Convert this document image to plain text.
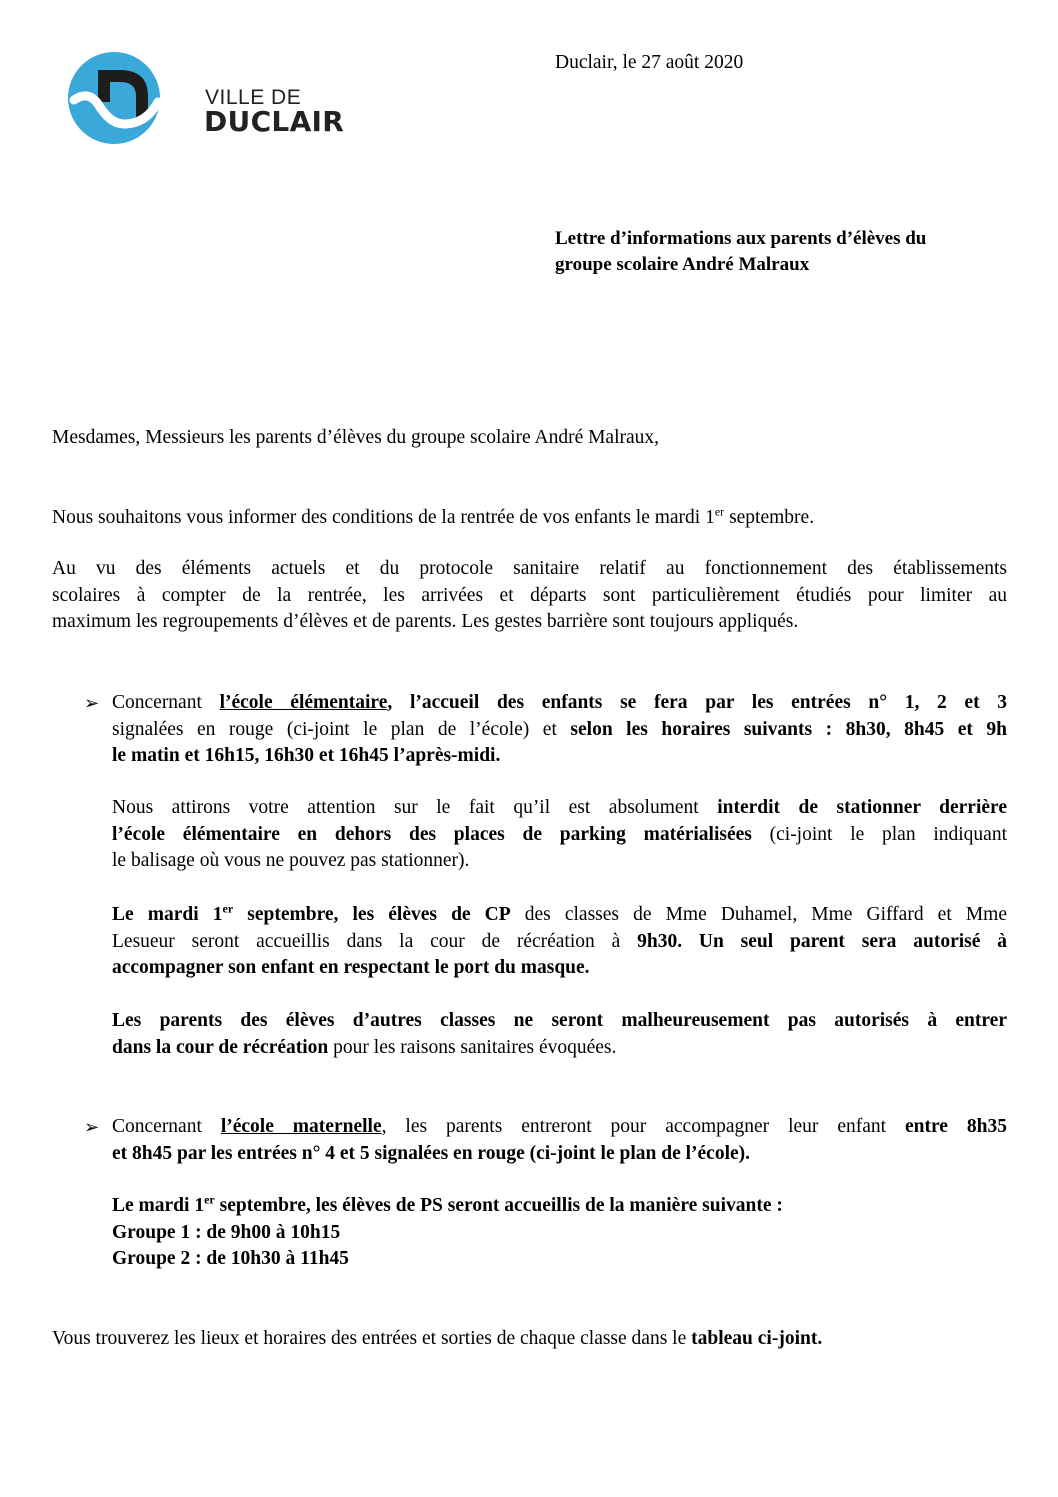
VILLE DE
DUCLAIR
Duclair, le 27 août 2020
Lettre d’informations aux parents d’élèves du
groupe scolaire André Malraux
Mesdames, Messieurs les parents d’élèves du groupe scolaire André Malraux,
Nous souhaitons vous informer des conditions de la rentrée de vos enfants le mardi 1er septembre.
Au vu des éléments actuels et du protocole sanitaire relatif au fonctionnement des établissements
scolaires à compter de la rentrée, les arrivées et départs sont particulièrement étudiés pour limiter au
maximum les regroupements d’élèves et de parents. Les gestes barrière sont toujours appliqués.
➢ Concernant l’école élémentaire, l’accueil des enfants se fera par les entrées n° 1, 2 et 3
signalées en rouge (ci-joint le plan de l’école) et selon les horaires suivants : 8h30, 8h45 et 9h
le matin et 16h15, 16h30 et 16h45 l’après-midi.
Nous attirons votre attention sur le fait qu’il est absolument interdit de stationner derrière
l’école élémentaire en dehors des places de parking matérialisées (ci-joint le plan indiquant
le balisage où vous ne pouvez pas stationner).
Le mardi 1er septembre, les élèves de CP des classes de Mme Duhamel, Mme Giffard et Mme
Lesueur seront accueillis dans la cour de récréation à 9h30. Un seul parent sera autorisé à
accompagner son enfant en respectant le port du masque.
Les parents des élèves d’autres classes ne seront malheureusement pas autorisés à entrer
dans la cour de récréation pour les raisons sanitaires évoquées.
➢ Concernant l’école maternelle, les parents entreront pour accompagner leur enfant entre 8h35
et 8h45 par les entrées n° 4 et 5 signalées en rouge (ci-joint le plan de l’école).
Le mardi 1er septembre, les élèves de PS seront accueillis de la manière suivante :
Groupe 1 : de 9h00 à 10h15
Groupe 2 : de 10h30 à 11h45
Vous trouverez les lieux et horaires des entrées et sorties de chaque classe dans le tableau ci-joint.
